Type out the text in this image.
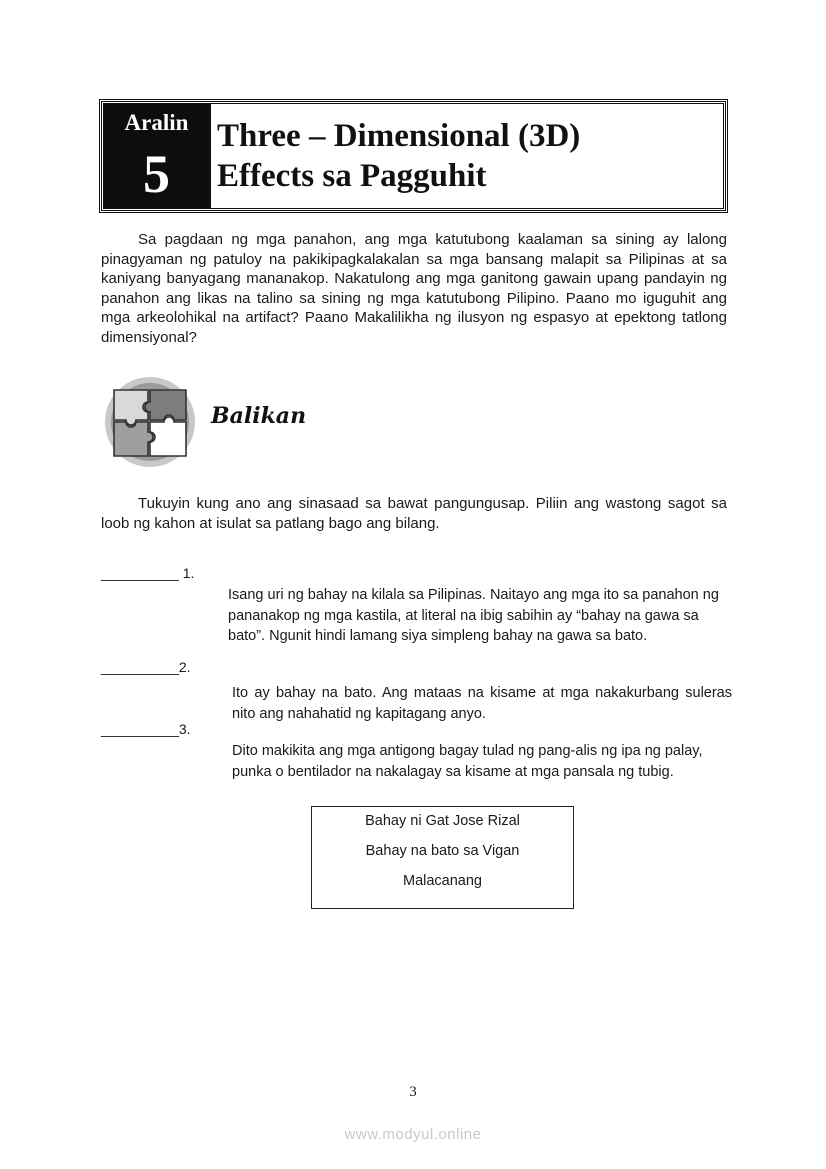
Aralin
5
Three – Dimensional (3D)
Effects sa Pagguhit
Sa pagdaan ng mga panahon, ang mga katutubong kaalaman sa sining ay lalong pinagyaman ng patuloy na pakikipagkalakalan sa mga bansang malapit sa Pilipinas at sa kaniyang banyagang mananakop. Nakatulong ang mga ganitong gawain upang pandayin ng panahon ang likas na talino sa sining ng mga katutubong Pilipino. Paano mo iguguhit ang mga arkeolohikal na artifact? Paano Makalilikha ng ilusyon ng espasyo at epektong tatlong dimensiyonal?
Balikan
Tukuyin kung ano ang sinasaad sa bawat pangungusap. Piliin ang wastong sagot sa loob ng kahon at isulat sa patlang bago ang bilang.
__________ 1.
Isang uri ng bahay na kilala sa Pilipinas. Naitayo ang mga ito sa panahon ng pananakop ng mga kastila, at literal na ibig sabihin ay “bahay na gawa sa bato”. Ngunit hindi lamang siya simpleng bahay na gawa sa bato.
__________2.
Ito ay bahay na bato. Ang mataas na kisame at mga nakakurbang suleras nito ang nahahatid ng kapitagang anyo.
__________3.
Dito makikita ang mga antigong bagay tulad ng pang-alis ng ipa ng palay, punka o bentilador na nakalagay sa kisame at mga pansala ng tubig.
Bahay ni Gat Jose Rizal
Bahay na bato sa Vigan
Malacanang
3
www.modyul.online
